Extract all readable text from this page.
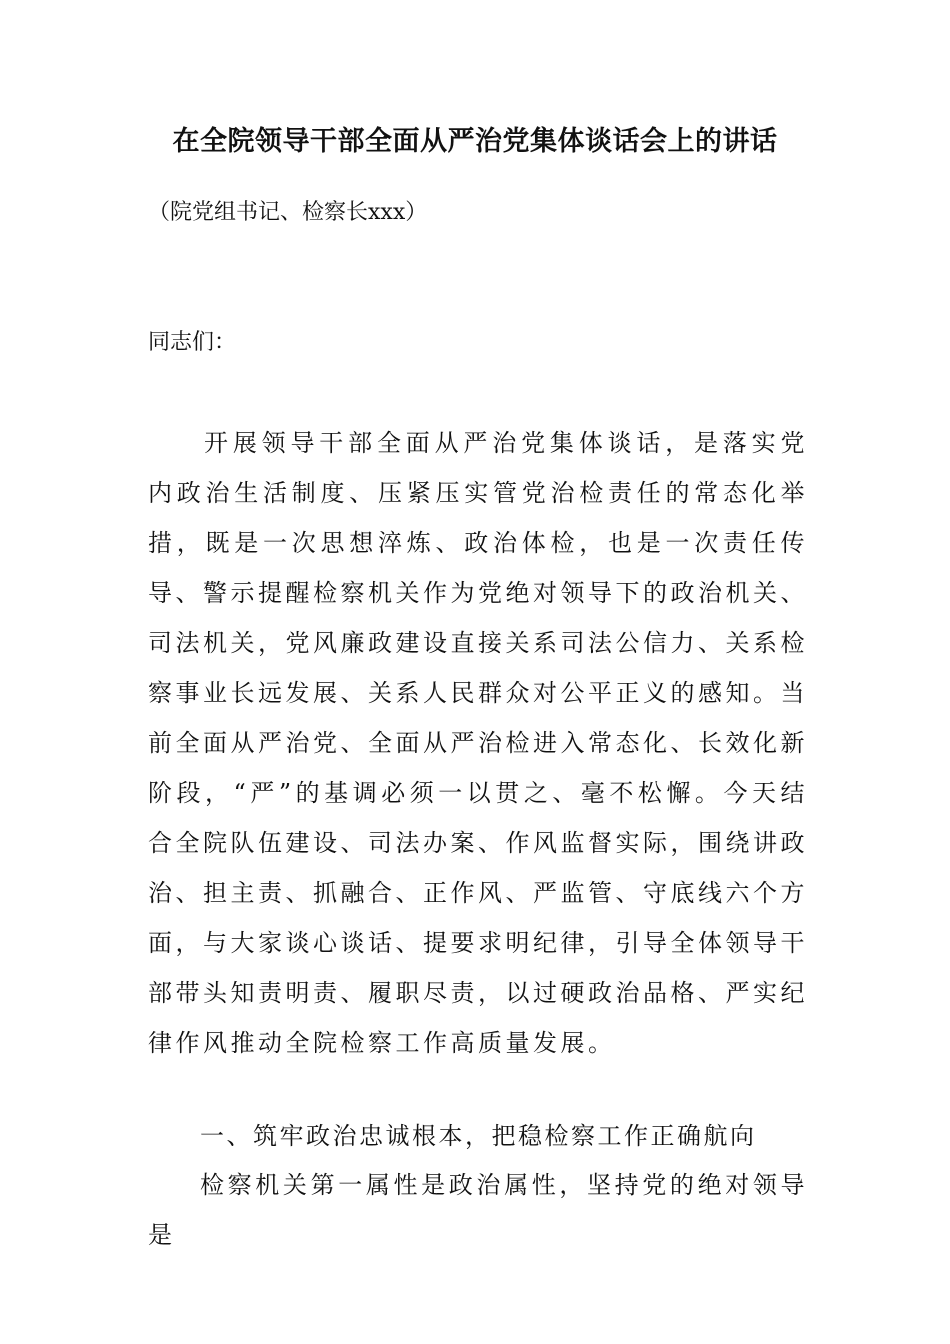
在全院领导干部全面从严治党集体谈话会上的讲话
（院党组书记、检察长xxx）
同志们：

开展领导干部全面从严治党集体谈话，是落实党内政治生活制度、压紧压实管党治检责任的常态化举措，既是一次思想淬炼、政治体检，也是一次责任传导、警示提醒检察机关作为党绝对领导下的政治机关、司法机关，党风廉政建设直接关系司法公信力、关系检察事业长远发展、关系人民群众对公平正义的感知。当前全面从严治党、全面从严治检进入常态化、长效化新阶段，“严”的基调必须一以贯之、毫不松懈。今天结合全院队伍建设、司法办案、作风监督实际，围绕讲政治、担主责、抓融合、正作风、严监管、守底线六个方面，与大家谈心谈话、提要求明纪律，引导全体领导干部带头知责明责、履职尽责，以过硬政治品格、严实纪律作风推动全院检察工作高质量发展。

一、筑牢政治忠诚根本，把稳检察工作正确航向

检察机关第一属性是政治属性，坚持党的绝对领导是
